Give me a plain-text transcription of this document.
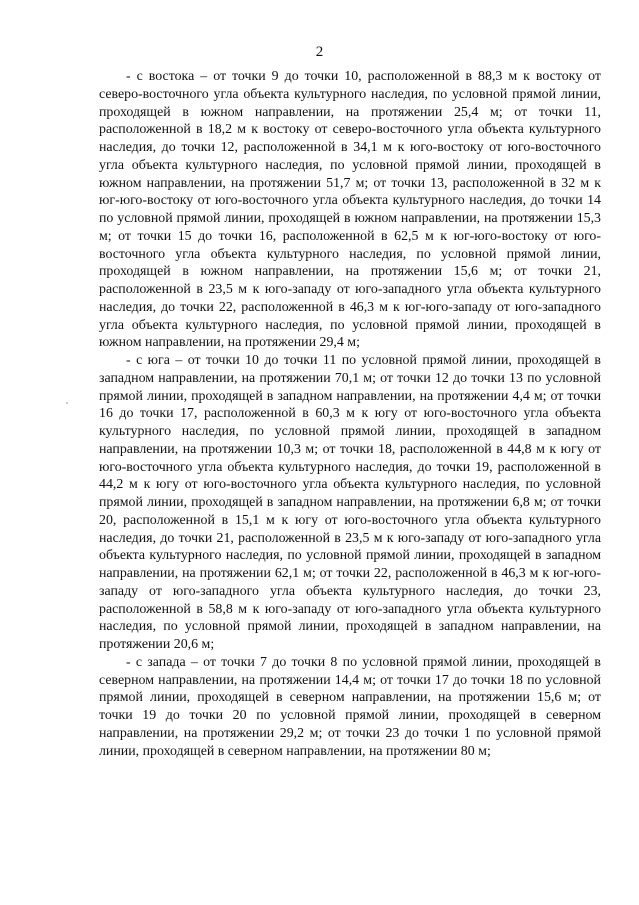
2

- с востока – от точки 9 до точки 10, расположенной в 88,3 м к востоку от северо-восточного угла объекта культурного наследия, по условной прямой линии, проходящей в южном направлении, на протяжении 25,4 м; от точки 11, расположенной в 18,2 м к востоку от северо-восточного угла объекта культурного наследия, до точки 12, расположенной в 34,1 м к юго-востоку от юго-восточного угла объекта культурного наследия, по условной прямой линии, проходящей в южном направлении, на протяжении 51,7 м; от точки 13, расположенной в 32 м к юг-юго-востоку от юго-восточного угла объекта культурного наследия, до точки 14 по условной прямой линии, проходящей в южном направлении, на протяжении 15,3 м; от точки 15 до точки 16, расположенной в 62,5 м к юг-юго-востоку от юго-восточного угла объекта культурного наследия, по условной прямой линии, проходящей в южном направлении, на протяжении 15,6 м; от точки 21, расположенной в 23,5 м к юго-западу от юго-западного угла объекта культурного наследия, до точки 22, расположенной в 46,3 м к юг-юго-западу от юго-западного угла объекта культурного наследия, по условной прямой линии, проходящей в южном направлении, на протяжении 29,4 м;

- с юга – от точки 10 до точки 11 по условной прямой линии, проходящей в западном направлении, на протяжении 70,1 м; от точки 12 до точки 13 по условной прямой линии, проходящей в западном направлении, на протяжении 4,4 м; от точки 16 до точки 17, расположенной в 60,3 м к югу от юго-восточного угла объекта культурного наследия, по условной прямой линии, проходящей в западном направлении, на протяжении 10,3 м; от точки 18, расположенной в 44,8 м к югу от юго-восточного угла объекта культурного наследия, до точки 19, расположенной в 44,2 м к югу от юго-восточного угла объекта культурного наследия, по условной прямой линии, проходящей в западном направлении, на протяжении 6,8 м; от точки 20, расположенной в 15,1 м к югу от юго-восточного угла объекта культурного наследия, до точки 21, расположенной в 23,5 м к юго-западу от юго-западного угла объекта культурного наследия, по условной прямой линии, проходящей в западном направлении, на протяжении 62,1 м; от точки 22, расположенной в 46,3 м к юг-юго-западу от юго-западного угла объекта культурного наследия, до точки 23, расположенной в 58,8 м к юго-западу от юго-западного угла объекта культурного наследия, по условной прямой линии, проходящей в западном направлении, на протяжении 20,6 м;

- с запада – от точки 7 до точки 8 по условной прямой линии, проходящей в северном направлении, на протяжении 14,4 м; от точки 17 до точки 18 по условной прямой линии, проходящей в северном направлении, на протяжении 15,6 м; от точки 19 до точки 20 по условной прямой линии, проходящей в северном направлении, на протяжении 29,2 м; от точки 23 до точки 1 по условной прямой линии, проходящей в северном направлении, на протяжении 80 м;
